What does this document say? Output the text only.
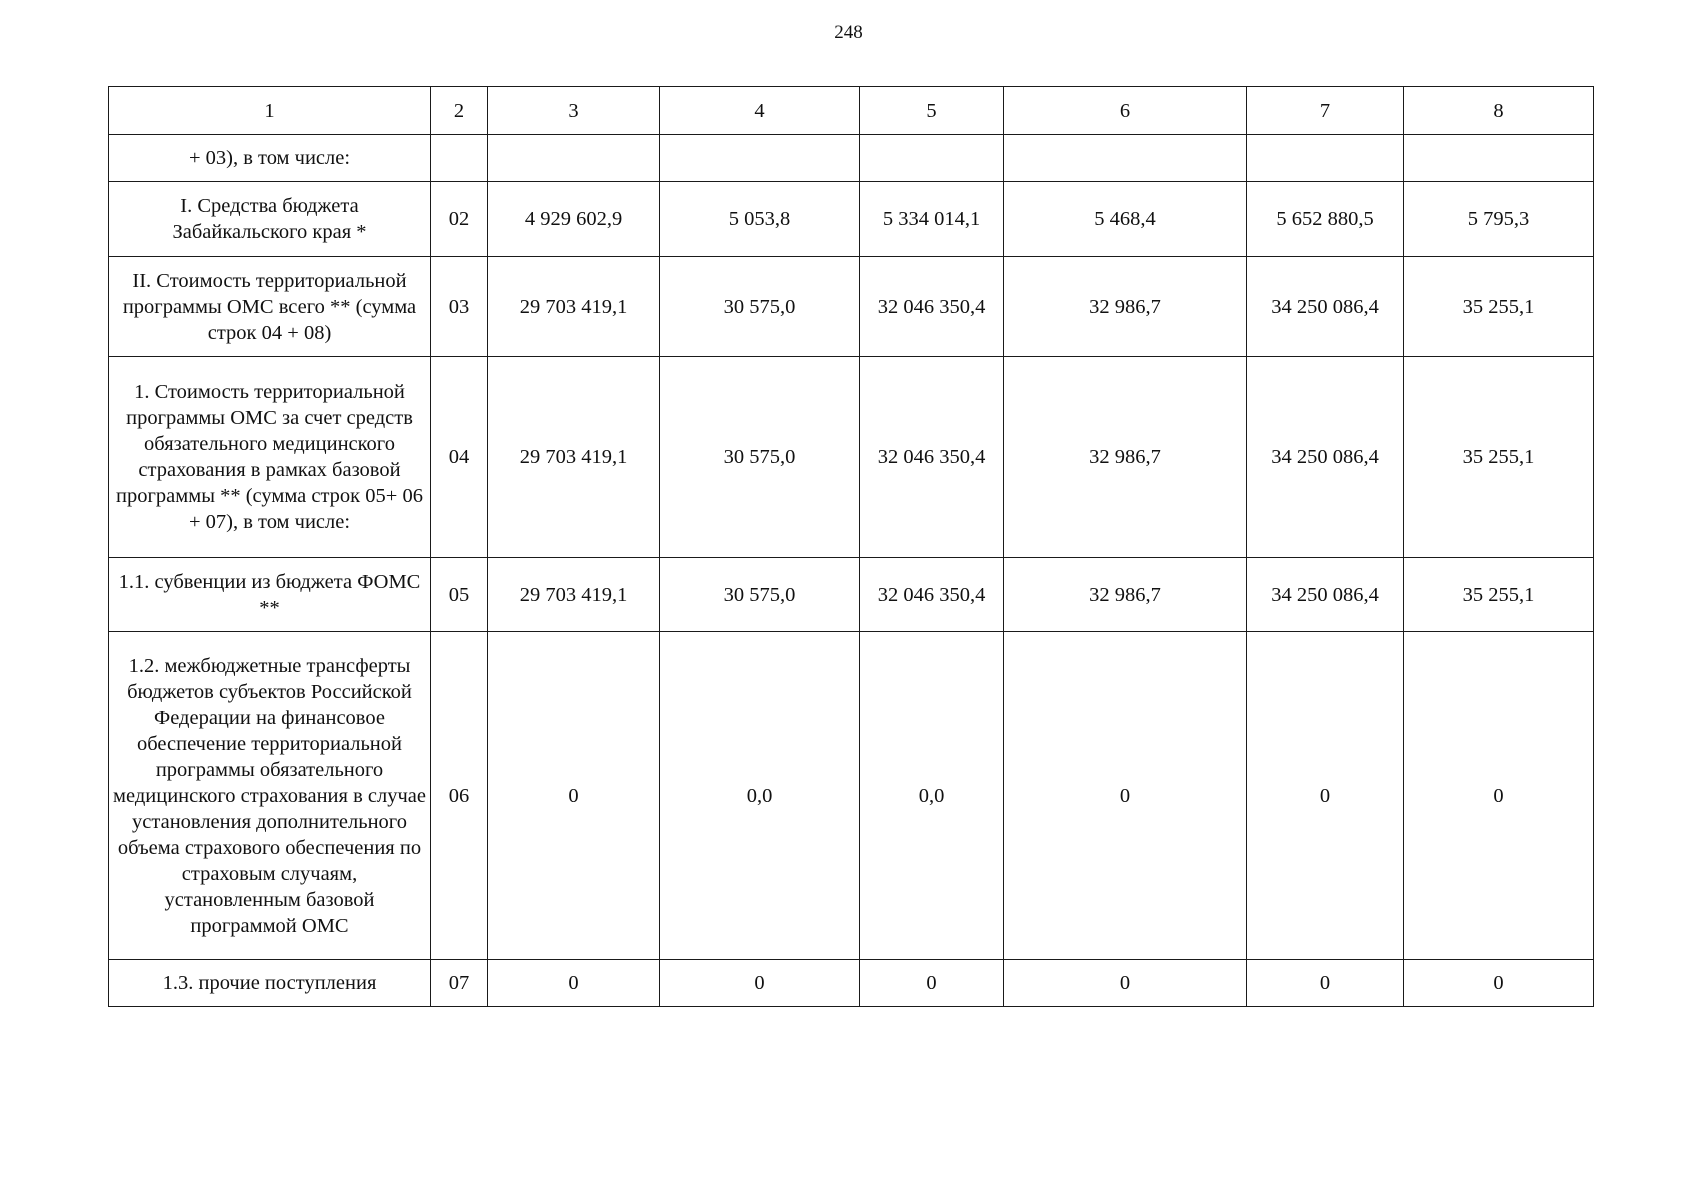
248
1	2	3	4	5	6	7	8
+ 03), в том числе:							
I. Средства бюджета Забайкальского края *	02	4 929 602,9	5 053,8	5 334 014,1	5 468,4	5 652 880,5	5 795,3
II. Стоимость территориальной программы ОМС всего ** (сумма строк 04 + 08)	03	29 703 419,1	30 575,0	32 046 350,4	32 986,7	34 250 086,4	35 255,1
1. Стоимость территориальной программы ОМС за счет средств обязательного медицинского страхования в рамках базовой программы ** (сумма строк 05+ 06 + 07), в том числе:	04	29 703 419,1	30 575,0	32 046 350,4	32 986,7	34 250 086,4	35 255,1
1.1. субвенции из бюджета ФОМС **	05	29 703 419,1	30 575,0	32 046 350,4	32 986,7	34 250 086,4	35 255,1
1.2. межбюджетные трансферты бюджетов субъектов Российской Федерации на финансовое обеспечение территориальной программы обязательного медицинского страхования в случае установления дополнительного объема страхового обеспечения по страховым случаям, установленным базовой программой ОМС	06	0	0,0	0,0	0	0	0
1.3. прочие поступления	07	0	0	0	0	0	0
